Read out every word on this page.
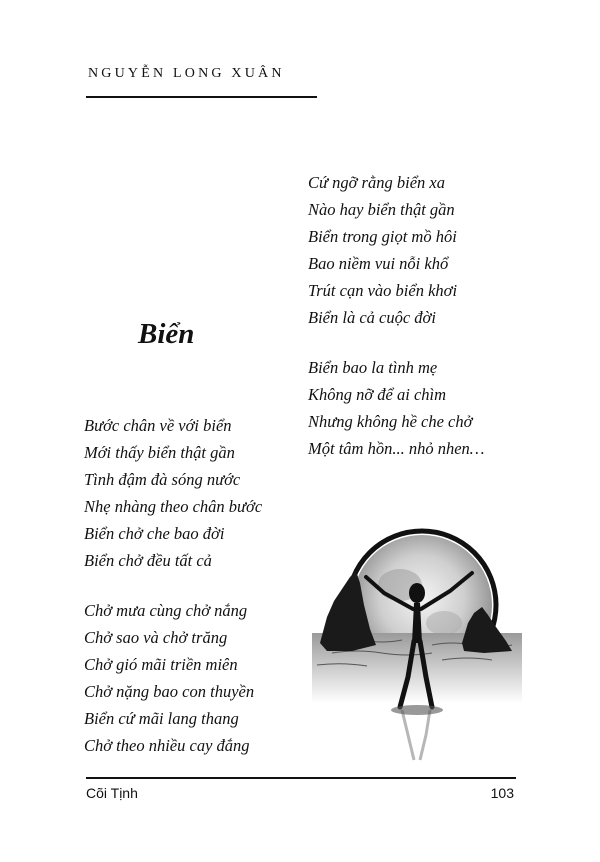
NGUYỄN LONG XUÂN
Biển
Bước chân về với biển
Mới thấy biển thật gần
Tình đậm đà sóng nước
Nhẹ nhàng theo chân bước
Biển chở che bao đời
Biển chở đều tất cả
Chở mưa cùng chở nắng
Chở sao và chở trăng
Chở gió mãi triền miên
Chở nặng bao con thuyền
Biển cứ mãi lang thang
Chở theo nhiều cay đắng
Cứ ngỡ rằng biển xa
Nào hay biển thật gần
Biển trong giọt mồ hôi
Bao niềm vui nỗi khổ
Trút cạn vào biển khơi
Biển là cả cuộc đời
Biển bao la tình mẹ
Không nỡ để ai chìm
Nhưng không hề che chở
Một tâm hồn... nhỏ nhen…
Cõi Tịnh	103
